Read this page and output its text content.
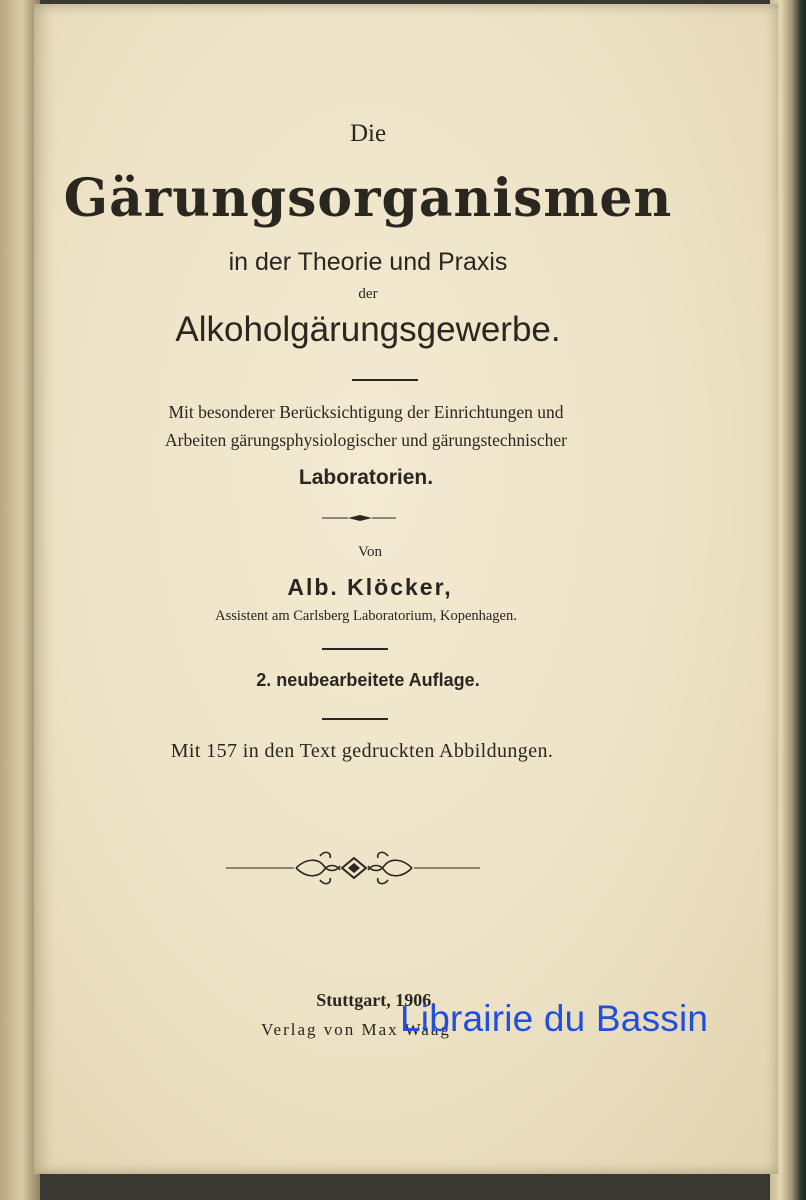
Die
Gärungsorganismen
in der Theorie und Praxis
der
Alkoholgärungsgewerbe.
Mit besonderer Berücksichtigung der Einrichtungen und
Arbeiten gärungsphysiologischer und gärungstechnischer
Laboratorien.
Von
Alb. Klöcker,
Assistent am Carlsberg Laboratorium, Kopenhagen.
2. neubearbeitete Auflage.
Mit 157 in den Text gedruckten Abbildungen.
Stuttgart, 1906.
Verlag von Max Waag
Librairie du Bassin
